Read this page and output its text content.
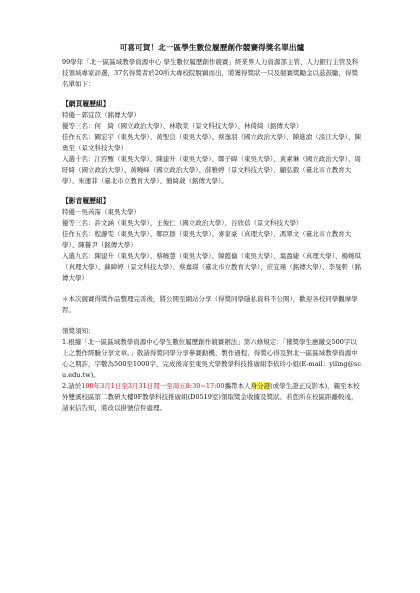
可喜可賀！北一區學生數位履歷創作競賽得獎名單出爐

99學年「北一區區域教學資源中心 學生數位履歷創作競賽」經業界人力資源部主管、人力銀行主管及科技領域專家評選，37名得獎者於20所大專校院脫穎而出，將獲得獎狀一只及競賽獎勵金以茲鼓勵，得獎名單如下：

【網頁履歷組】

特優－郭宜苡（銘傳大學）

優等三名：何　綺（國立政治大學）、林敬棠（景文科技大學）、林倚綺（銘傳大學）

佳作五名：闕宏宇（東吳大學）、黃聖良（東吳大學）、蔡逸羽（國立政治大學）、陳進滄（淡江大學）、陳勇至（景文科技大學）

入選十名：江容甄（東吳大學）、陳建升（東吳大學）、鄭子暐（東吳大學）、黃素琳（國立政治大學）、周盱綺（國立政治大學）、黃曉峰（國立政治大學）、薛雅婷（景文科技大學）、顧弘毅（臺北市立教育大學）、朱運菲（臺北市立教育大學）、簡綺葳（銘傳大學）。

【影音履歷組】

特優－吳芮霈（東吳大學）

優等三名：許文涵（東吳大學）、王俊仁（國立政治大學）、谷欣蓓（景文科技大學）

佳作五名：程瀞雯（東吳大學）、鄭臣群（東吳大學）、麥家豪（真理大學）、馮翠文（臺北市立教育大學）、陳譽尹（銘傳大學）

入選九名：陳建升（東吳大學）、蔡曉慧（東吳大學）、韓懿倫（東吳大學）、葉盈婕（真理大學）、楊婉琪（真理大學）、蘇暐婷（景文科技大學）、蔡嘉璟（臺北市立教育大學）、莊宜瑾（銘傳大學）、李旻軒（銘傳大學）

＊本次競賽得獎作品整理完善後，將公開至網站分享（得獎同學隱私資料不公開），歡迎各校同學觀摩學習。

領獎須知：

1.根據「北一區區域教學資源中心學生數位履歷創作競賽辦法」第六條規定：「獲獎學生應繳交500字以上之製作經驗分享文章。」敬請得獎同學分享參賽動機、製作過程、得獎心得及對北一區區域教學資源中心之期許，字數為500至1000字，完成後寄至東吳大學教學科技推廣組李依玲小姐(E-mail：yiling@scu.edu.tw)。

2.請於100年3月1日至3月31日間一至周五8:30~17:00攜帶本人身分證(或學生證正反影本)，親至本校外雙溪校區第二教研大樓9F教學科技推廣組(D0519室)領取獎金收據及獎狀。若您所在校區距離較遠，請來信告知，將改以掛號信件處理。
